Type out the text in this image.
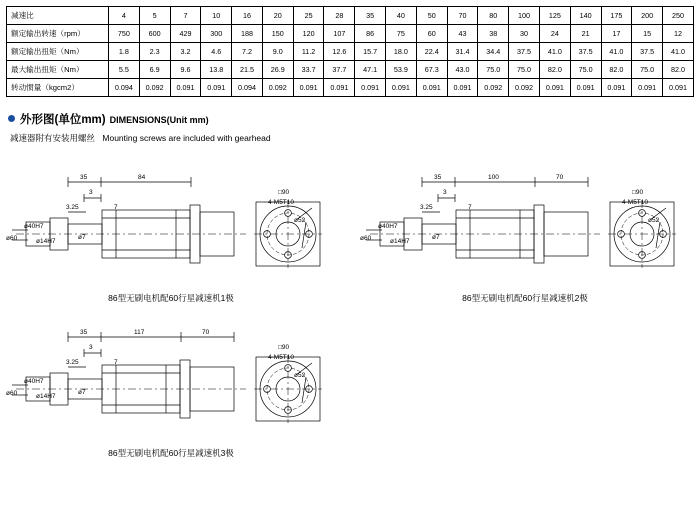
减速比	4	5	7	10	16	20	25	28	35	40	50	70	80	100	125	140	175	200	250
额定输出转速（rpm）	750	600	429	300	188	150	120	107	86	75	60	43	38	30	24	21	17	15	12
额定输出扭矩（Nm）	1.8	2.3	3.2	4.6	7.2	9.0	11.2	12.6	15.7	18.0	22.4	31.4	34.4	37.5	41.0	37.5	41.0	37.5	41.0
最大输出扭矩（Nm）	5.5	6.9	9.6	13.8	21.5	26.9	33.7	37.7	47.1	53.9	67.3	43.0	75.0	75.0	82.0	75.0	82.0	75.0	82.0
转动惯量（kgcm2）	0.094	0.092	0.091	0.091	0.094	0.092	0.091	0.091	0.091	0.091	0.091	0.091	0.092	0.092	0.091	0.091	0.091	0.091	0.091
外形图(单位mm) DIMENSIONS(Unit mm)
减速器附有安装用螺丝 Mounting screws are included with gearhead
35	84
3
3.25	7
ø7
ø40H7
ø60	ø14H7
□90
ø52
4-M5T10
86型无刷电机配60行星减速机1极
35	100	70
3
3.25	7
ø7
ø40H7
ø60	ø14H7
□90
ø52
4-M5T10
86型无刷电机配60行星减速机2极
35	117	70
3
3.25	7
ø7
ø40H7
ø60	ø14H7
□90
ø52
4-M5T10
86型无刷电机配60行星减速机3极
